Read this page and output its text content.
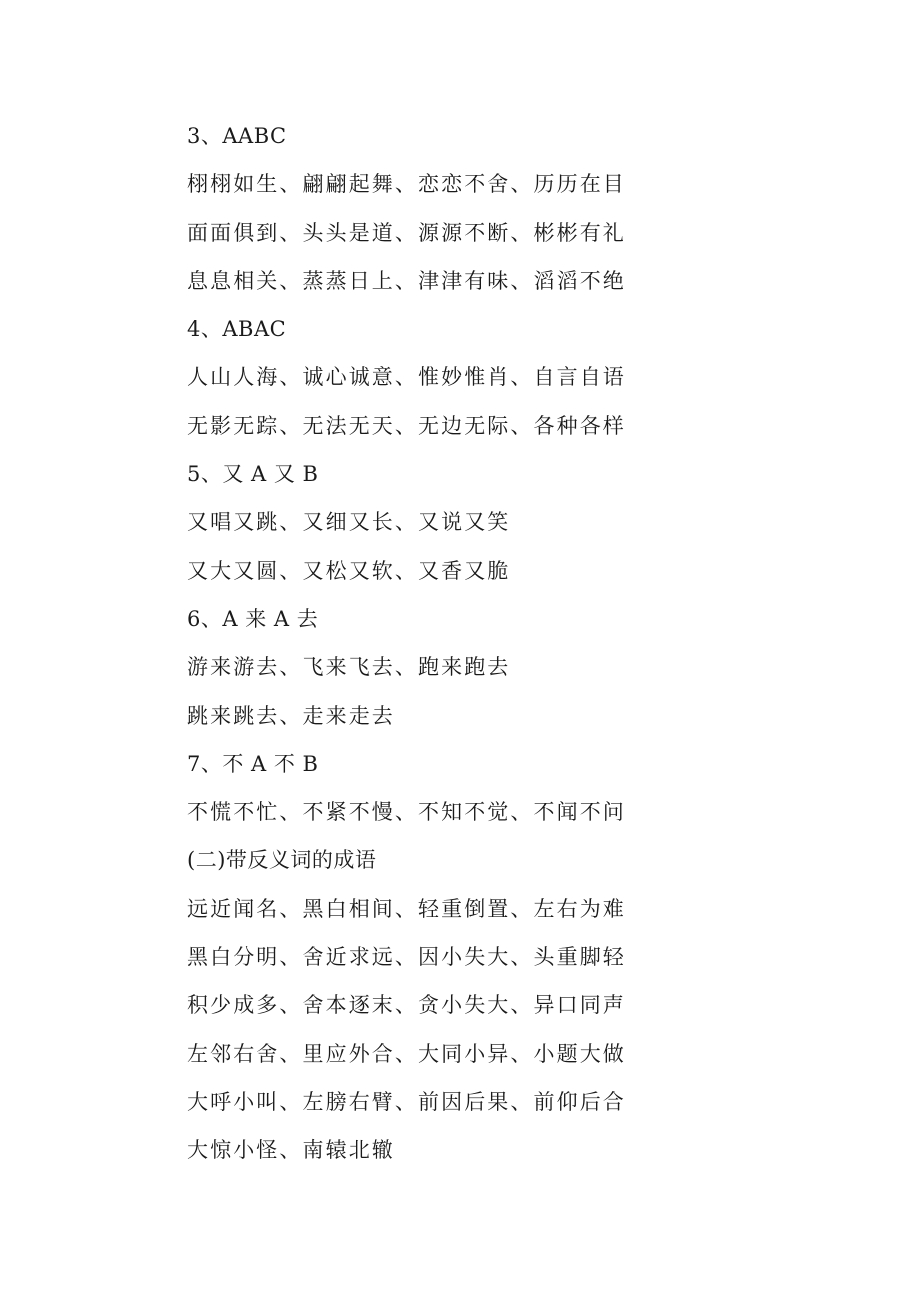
3、AABC
栩栩如生、翩翩起舞、恋恋不舍、历历在目
面面俱到、头头是道、源源不断、彬彬有礼
息息相关、蒸蒸日上、津津有味、滔滔不绝
4、ABAC
人山人海、诚心诚意、惟妙惟肖、自言自语
无影无踪、无法无天、无边无际、各种各样
5、又 A 又 B
又唱又跳、又细又长、又说又笑
又大又圆、又松又软、又香又脆
6、A 来 A 去
游来游去、飞来飞去、跑来跑去
跳来跳去、走来走去
7、不 A 不 B
不慌不忙、不紧不慢、不知不觉、不闻不问
(二)带反义词的成语
远近闻名、黑白相间、轻重倒置、左右为难
黑白分明、舍近求远、因小失大、头重脚轻
积少成多、舍本逐末、贪小失大、异口同声
左邻右舍、里应外合、大同小异、小题大做
大呼小叫、左膀右臂、前因后果、前仰后合
大惊小怪、南辕北辙
